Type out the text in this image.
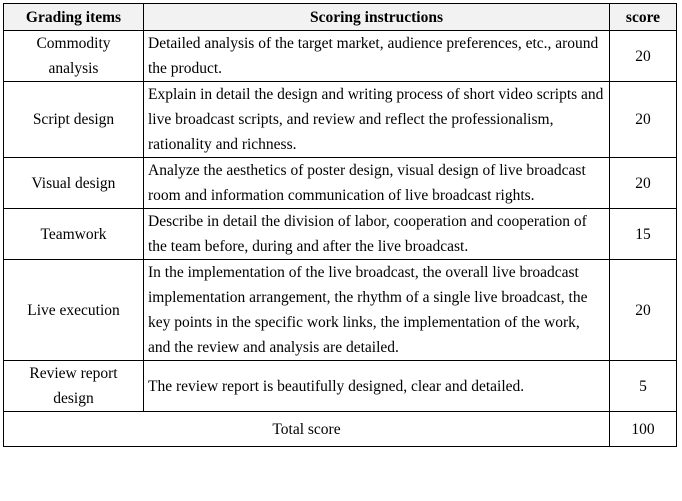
Grading items	Scoring instructions	score
Commodity analysis	Detailed analysis of the target market, audience preferences, etc., around the product.	20
Script design	Explain in detail the design and writing process of short video scripts and live broadcast scripts, and review and reflect the professionalism, rationality and richness.	20
Visual design	Analyze the aesthetics of poster design, visual design of live broadcast room and information communication of live broadcast rights.	20
Teamwork	Describe in detail the division of labor, cooperation and cooperation of the team before, during and after the live broadcast.	15
Live execution	In the implementation of the live broadcast, the overall live broadcast implementation arrangement, the rhythm of a single live broadcast, the key points in the specific work links, the implementation of the work, and the review and analysis are detailed.	20
Review report design	The review report is beautifully designed, clear and detailed.	5
Total score		100
